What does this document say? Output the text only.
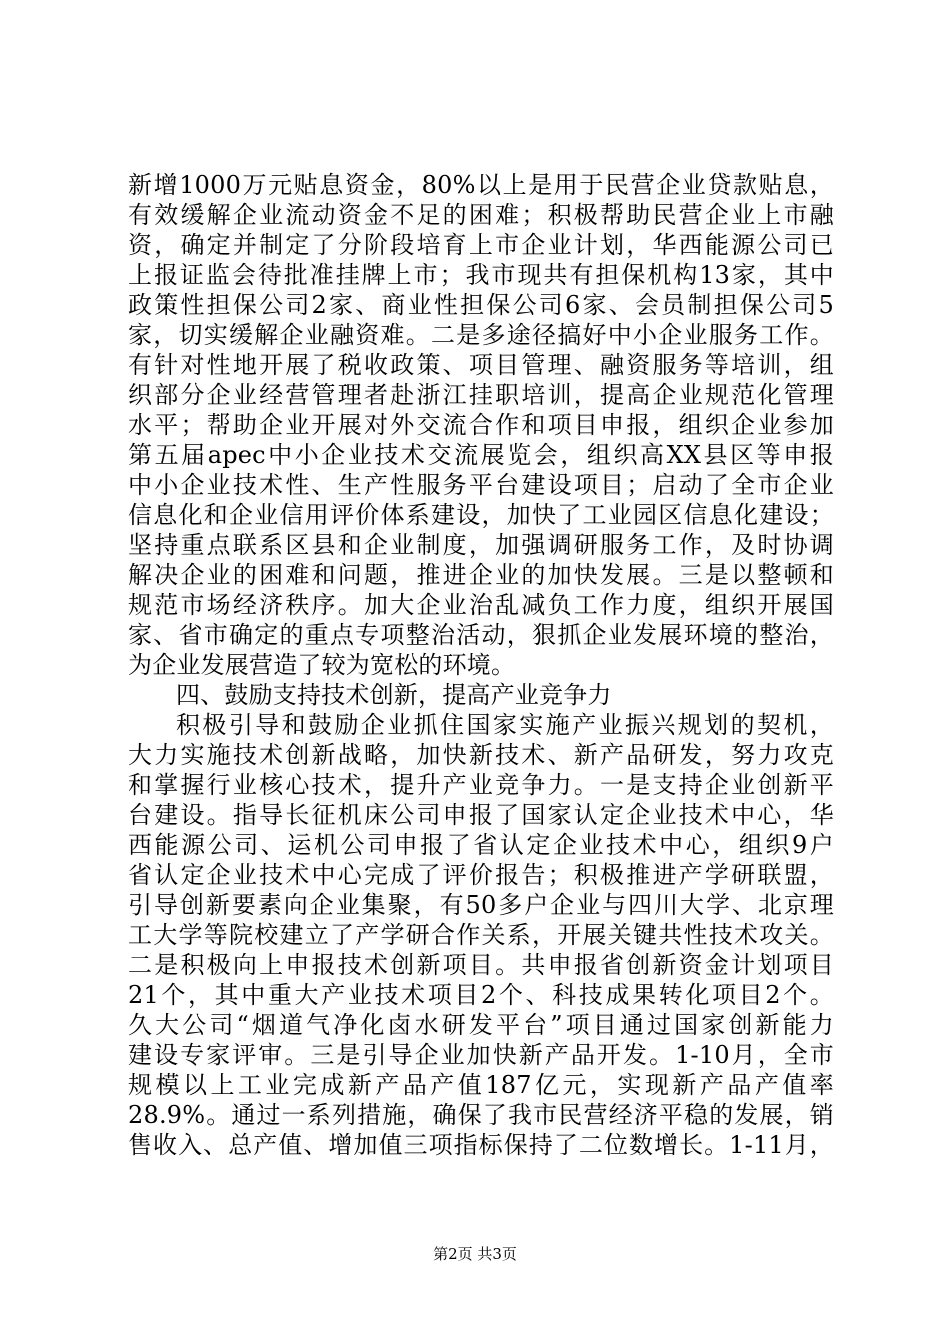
新增1000万元贴息资金，80%以上是用于民营企业贷款贴息，
有效缓解企业流动资金不足的困难；积极帮助民营企业上市融
资，确定并制定了分阶段培育上市企业计划，华西能源公司已
上报证监会待批准挂牌上市；我市现共有担保机构13家，其中
政策性担保公司2家、商业性担保公司6家、会员制担保公司5
家，切实缓解企业融资难。二是多途径搞好中小企业服务工作。
有针对性地开展了税收政策、项目管理、融资服务等培训，组
织部分企业经营管理者赴浙江挂职培训，提高企业规范化管理
水平；帮助企业开展对外交流合作和项目申报，组织企业参加
第五届apec中小企业技术交流展览会，组织高XX县区等申报
中小企业技术性、生产性服务平台建设项目；启动了全市企业
信息化和企业信用评价体系建设，加快了工业园区信息化建设；
坚持重点联系区县和企业制度，加强调研服务工作，及时协调
解决企业的困难和问题，推进企业的加快发展。三是以整顿和
规范市场经济秩序。加大企业治乱减负工作力度，组织开展国
家、省市确定的重点专项整治活动，狠抓企业发展环境的整治，
为企业发展营造了较为宽松的环境。
四、鼓励支持技术创新，提高产业竞争力
积极引导和鼓励企业抓住国家实施产业振兴规划的契机，
大力实施技术创新战略，加快新技术、新产品研发，努力攻克
和掌握行业核心技术，提升产业竞争力。一是支持企业创新平
台建设。指导长征机床公司申报了国家认定企业技术中心，华
西能源公司、运机公司申报了省认定企业技术中心，组织9户
省认定企业技术中心完成了评价报告；积极推进产学研联盟，
引导创新要素向企业集聚，有50多户企业与四川大学、北京理
工大学等院校建立了产学研合作关系，开展关键共性技术攻关。
二是积极向上申报技术创新项目。共申报省创新资金计划项目
21个，其中重大产业技术项目2个、科技成果转化项目2个。
久大公司“烟道气净化卤水研发平台”项目通过国家创新能力
建设专家评审。三是引导企业加快新产品开发。1-10月，全市
规模以上工业完成新产品产值187亿元，实现新产品产值率
28.9%。通过一系列措施，确保了我市民营经济平稳的发展，销
售收入、总产值、增加值三项指标保持了二位数增长。1-11月，
第2页 共3页
